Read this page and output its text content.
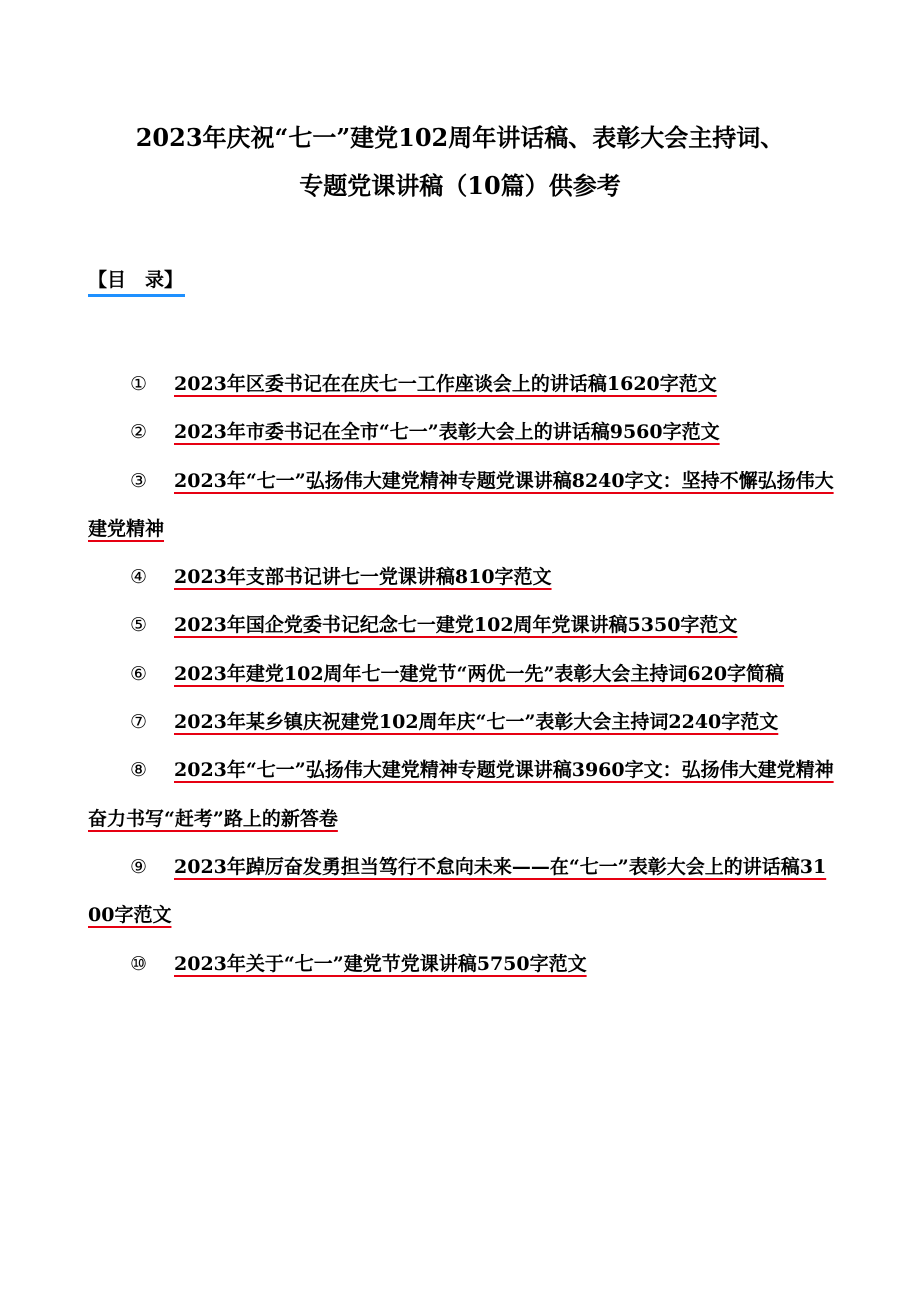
2023年庆祝“七一”建党102周年讲话稿、表彰大会主持词、
专题党课讲稿（10篇）供参考
【目　录】
① 2023年区委书记在在庆七一工作座谈会上的讲话稿1620字范文
② 2023年市委书记在全市“七一”表彰大会上的讲话稿9560字范文
③ 2023年“七一”弘扬伟大建党精神专题党课讲稿8240字文：坚持不懈弘扬伟大建党精神
④ 2023年支部书记讲七一党课讲稿810字范文
⑤ 2023年国企党委书记纪念七一建党102周年党课讲稿5350字范文
⑥ 2023年建党102周年七一建党节“两优一先”表彰大会主持词620字简稿
⑦ 2023年某乡镇庆祝建党102周年庆“七一”表彰大会主持词2240字范文
⑧ 2023年“七一”弘扬伟大建党精神专题党课讲稿3960字文：弘扬伟大建党精神奋力书写“赶考”路上的新答卷
⑨ 2023年踔厉奋发勇担当笃行不怠向未来——在“七一”表彰大会上的讲话稿3100字范文
⑩ 2023年关于“七一”建党节党课讲稿5750字范文
